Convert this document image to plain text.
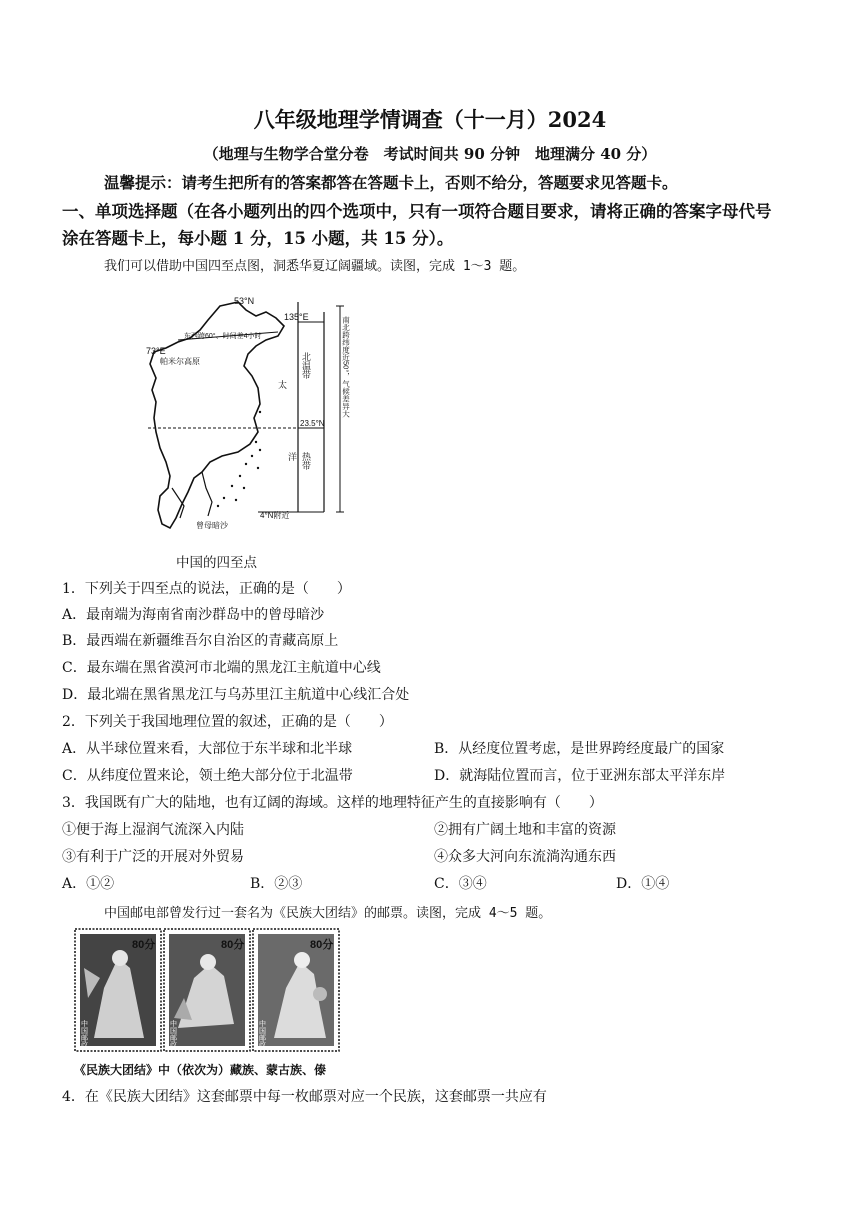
八年级地理学情调查（十一月）2024
（地理与生物学合堂分卷　考试时间共 90 分钟　地理满分 40 分）
温馨提示：请考生把所有的答案都答在答题卡上，否则不给分，答题要求见答题卡。
一、单项选择题（在各小题列出的四个选项中，只有一项符合题目要求，请将正确的答案字母代号涂在答题卡上，每小题 1 分，15 小题，共 15 分）。
我们可以借助中国四至点图，洞悉华夏辽阔疆域。读图，完成 1～3 题。
53°N
135°E
73°E
帕米尔高原
东西跨60°、时间差4小时
23.5°N
4°N附近
曾母暗沙
太
洋
北温带
热带
南北跨纬度近50°，气候差异大
中国的四至点
1．下列关于四至点的说法，正确的是（　　）
A．最南端为海南省南沙群岛中的曾母暗沙
B．最西端在新疆维吾尔自治区的青藏高原上
C．最东端在黑省漠河市北端的黑龙江主航道中心线
D．最北端在黑省黑龙江与乌苏里江主航道中心线汇合处
2．下列关于我国地理位置的叙述，正确的是（　　）
A．从半球位置来看，大部位于东半球和北半球	B．从经度位置考虑，是世界跨经度最广的国家
C．从纬度位置来论，领土绝大部分位于北温带	D．就海陆位置而言，位于亚洲东部太平洋东岸
3．我国既有广大的陆地，也有辽阔的海域。这样的地理特征产生的直接影响有（　　）
①便于海上湿润气流深入内陆	②拥有广阔土地和丰富的资源
③有利于广泛的开展对外贸易	④众多大河向东流淌沟通东西
A．①②	B．②③	C．③④	D．①④
中国邮电部曾发行过一套名为《民族大团结》的邮票。读图，完成 4～5 题。
80分	80分	80分
中国邮政	中国邮政	中国邮政
《民族大团结》中（依次为）藏族、蒙古族、傣
4．在《民族大团结》这套邮票中每一枚邮票对应一个民族，这套邮票一共应有
